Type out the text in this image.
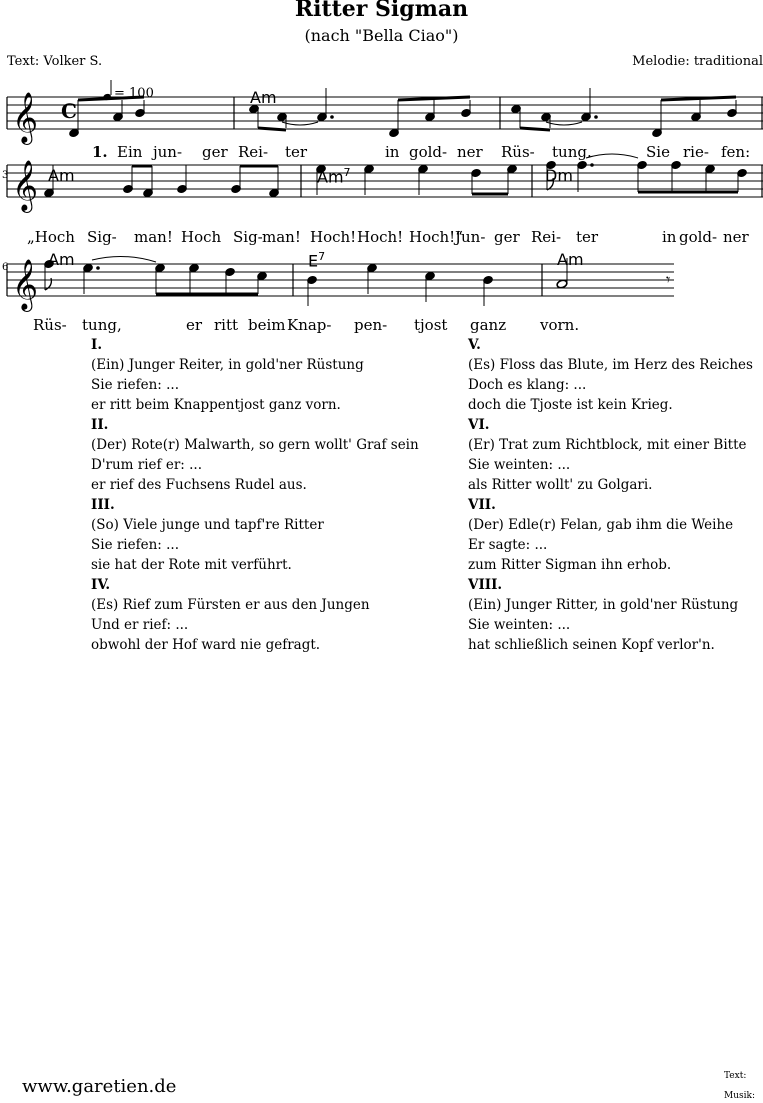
Ritter Sigman
(nach "Bella Ciao")
Text: Volker S.	Melodie: traditional
𝄞
𝄞
𝄞	𝄾
C
= 100
3
6
Am
Am	Am$^7$	Dm
Am	$E^7$	Am
1. Ein jun- ger Rei- ter	in gold- ner Rüs- tung.	Sie rie- fen:
„Hoch Sig- man! Hoch Sig- man! Hoch! Hoch! Hoch!“
Jun- ger Rei- ter	in gold- ner
Rüs- tung,	er ritt beim Knap- pen- tjost ganz vorn.
I.
(Ein) Junger Reiter, in gold'ner Rüstung
Sie riefen: ...
er ritt beim Knappentjost ganz vorn.
II.
(Der) Rote(r) Malwarth, so gern wollt' Graf sein
D'rum rief er: ...
er rief des Fuchsens Rudel aus.
III.
(So) Viele junge und tapf're Ritter
Sie riefen: ...
sie hat der Rote mit verführt.
IV.
(Es) Rief zum Fürsten er aus den Jungen
Und er rief: ...
obwohl der Hof ward nie gefragt.
V.
(Es) Floss das Blute, im Herz des Reiches
Doch es klang: ...
doch die Tjoste ist kein Krieg.
VI.
(Er) Trat zum Richtblock, mit einer Bitte
Sie weinten: ...
als Ritter wollt' zu Golgari.
VII.
(Der) Edle(r) Felan, gab ihm die Weihe
Er sagte: ...
zum Ritter Sigman ihn erhob.
VIII.
(Ein) Junger Ritter, in gold'ner Rüstung
Sie weinten: ...
hat schließlich seinen Kopf verlor'n.
www.garetien.de	Text:
Musik:
